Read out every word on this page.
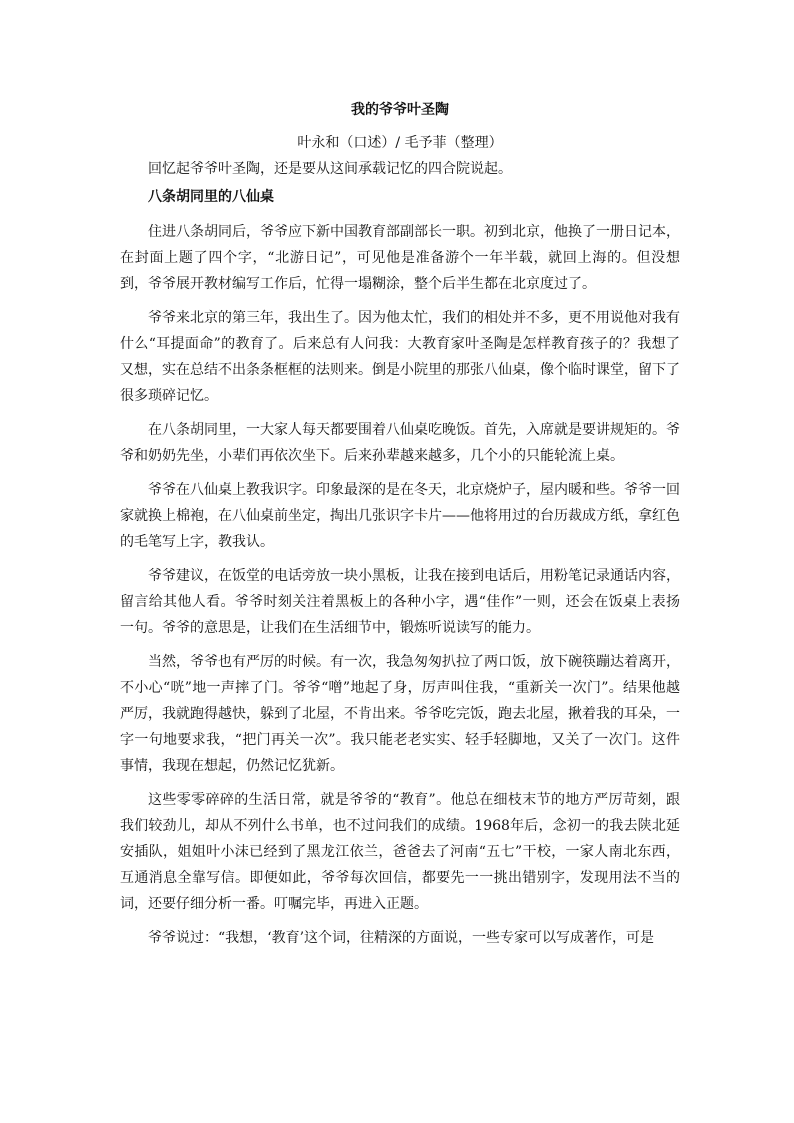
我的爷爷叶圣陶
叶永和（口述）/ 毛予菲（整理）
回忆起爷爷叶圣陶，还是要从这间承载记忆的四合院说起。
八条胡同里的八仙桌

住进八条胡同后，爷爷应下新中国教育部副部长一职。初到北京，他换了一册日记本，在封面上题了四个字，“北游日记”，可见他是准备游个一年半载，就回上海的。但没想到，爷爷展开教材编写工作后，忙得一塌糊涂，整个后半生都在北京度过了。

爷爷来北京的第三年，我出生了。因为他太忙，我们的相处并不多，更不用说他对我有什么“耳提面命”的教育了。后来总有人问我：大教育家叶圣陶是怎样教育孩子的？我想了又想，实在总结不出条条框框的法则来。倒是小院里的那张八仙桌，像个临时课堂，留下了很多琐碎记忆。

在八条胡同里，一大家人每天都要围着八仙桌吃晚饭。首先，入席就是要讲规矩的。爷爷和奶奶先坐，小辈们再依次坐下。后来孙辈越来越多，几个小的只能轮流上桌。

爷爷在八仙桌上教我识字。印象最深的是在冬天，北京烧炉子，屋内暖和些。爷爷一回家就换上棉袍，在八仙桌前坐定，掏出几张识字卡片——他将用过的台历裁成方纸，拿红色的毛笔写上字，教我认。

爷爷建议，在饭堂的电话旁放一块小黑板，让我在接到电话后，用粉笔记录通话内容，留言给其他人看。爷爷时刻关注着黑板上的各种小字，遇“佳作”一则，还会在饭桌上表扬一句。爷爷的意思是，让我们在生活细节中，锻炼听说读写的能力。

当然，爷爷也有严厉的时候。有一次，我急匆匆扒拉了两口饭，放下碗筷蹦达着离开，不小心“咣”地一声摔了门。爷爷“噌”地起了身，厉声叫住我，“重新关一次门”。结果他越严厉，我就跑得越快，躲到了北屋，不肯出来。爷爷吃完饭，跑去北屋，揪着我的耳朵，一字一句地要求我，“把门再关一次”。我只能老老实实、轻手轻脚地，又关了一次门。这件事情，我现在想起，仍然记忆犹新。

这些零零碎碎的生活日常，就是爷爷的“教育”。他总在细枝末节的地方严厉苛刻，跟我们较劲儿，却从不列什么书单，也不过问我们的成绩。1968年后，念初一的我去陕北延安插队，姐姐叶小沫已经到了黑龙江依兰，爸爸去了河南“五七”干校，一家人南北东西，互通消息全靠写信。即便如此，爷爷每次回信，都要先一一挑出错别字，发现用法不当的词，还要仔细分析一番。叮嘱完毕，再进入正题。

爷爷说过：“我想，‘教育’这个词，往精深的方面说，一些专家可以写成著作，可是
